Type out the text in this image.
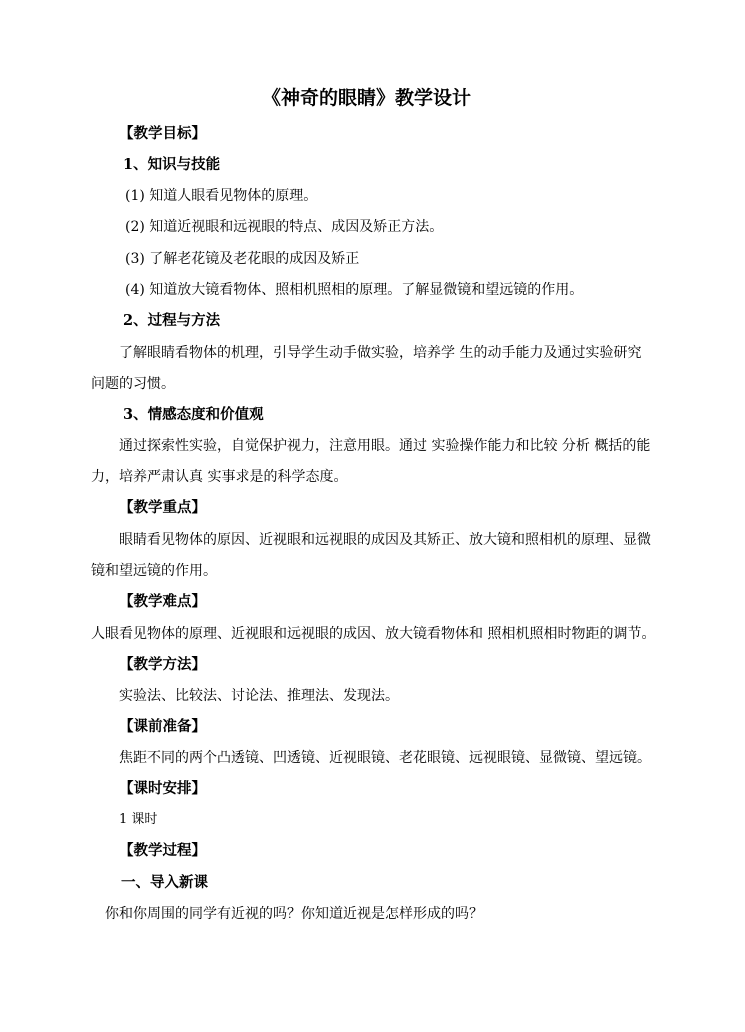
《神奇的眼睛》教学设计
【教学目标】
1、知识与技能
(1) 知道人眼看见物体的原理。
(2) 知道近视眼和远视眼的特点、成因及矫正方法。
(3) 了解老花镜及老花眼的成因及矫正
(4) 知道放大镜看物体、照相机照相的原理。了解显微镜和望远镜的作用。
2、过程与方法
了解眼睛看物体的机理，引导学生动手做实验，培养学 生的动手能力及通过实验研究
问题的习惯。
3、情感态度和价值观
通过探索性实验，自觉保护视力，注意用眼。通过 实验操作能力和比较 分析 概括的能
力，培养严肃认真 实事求是的科学态度。
【教学重点】
眼睛看见物体的原因、近视眼和远视眼的成因及其矫正、放大镜和照相机的原理、显微
镜和望远镜的作用。
【教学难点】
人眼看见物体的原理、近视眼和远视眼的成因、放大镜看物体和 照相机照相时物距的调节。
【教学方法】
实验法、比较法、讨论法、推理法、发现法。
【课前准备】
焦距不同的两个凸透镜、凹透镜、近视眼镜、老花眼镜、远视眼镜、显微镜、望远镜。
【课时安排】
1 课时
【教学过程】
一、导入新课
你和你周围的同学有近视的吗？你知道近视是怎样形成的吗？
